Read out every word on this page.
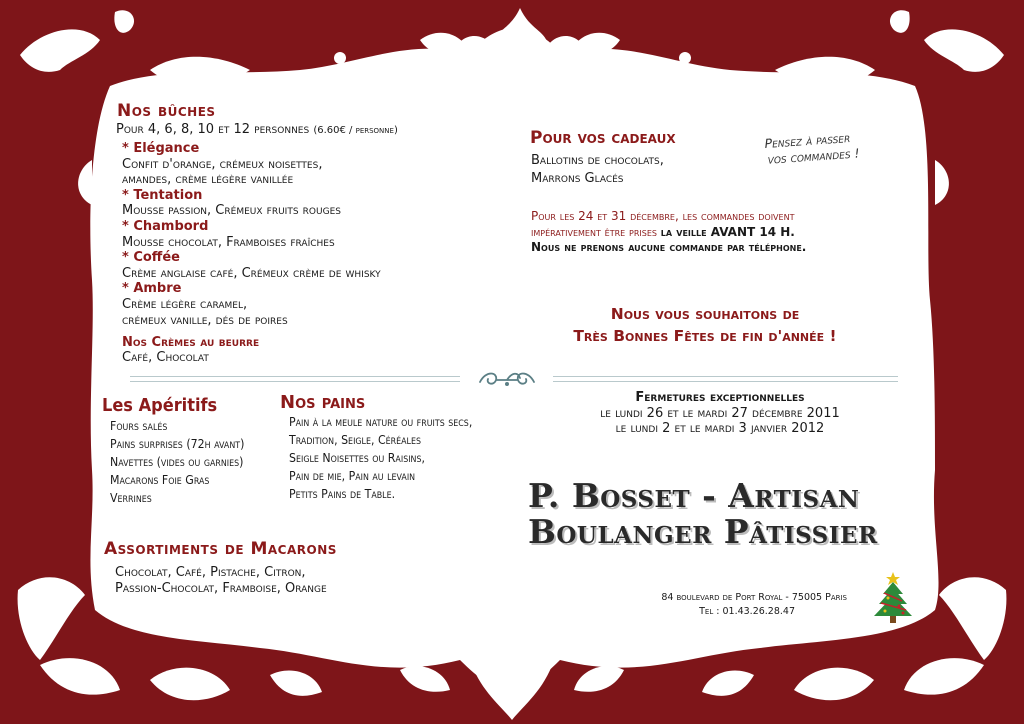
Nos bûches
Pour 4, 6, 8, 10 et 12 personnes (6.60€ / personne)
* Elégance
Confit d'orange, crémeux noisettes,
amandes, crème légère vanillée
* Tentation
Mousse passion, Crémeux fruits rouges
* Chambord
Mousse chocolat, Framboises fraîches
* Coffée
Crème anglaise café, Crémeux crème de whisky
* Ambre
Crème légère caramel,
crémeux vanille, dés de poires
Nos Crèmes au beurre
Café, Chocolat
Les Apéritifs
Fours salés
Pains surprises (72h avant)
Navettes (vides ou garnies)
Macarons Foie Gras
Verrines
Nos pains
Pain à la meule nature ou fruits secs,
Tradition, Seigle, Céréales
Seigle Noisettes ou Raisins,
Pain de mie, Pain au levain
Petits Pains de Table.
Assortiments de Macarons
Chocolat, Café, Pistache, Citron,
Passion-Chocolat, Framboise, Orange
Pour vos cadeaux
Ballotins de chocolats,
Marrons Glacés
Pensez à passer
vos commandes !
Pour les 24 et 31 décembre, les commandes doivent
impérativement être prises la veille AVANT 14 H.
Nous ne prenons aucune commande par téléphone.
Nous vous souhaitons de
Très Bonnes Fêtes de fin d'année !
Fermetures exceptionnelles
le lundi 26 et le mardi 27 décembre 2011
le lundi 2 et le mardi 3 janvier 2012
P. Bosset - Artisan
Boulanger Pâtissier
84 boulevard de Port Royal - 75005 Paris
Tel : 01.43.26.28.47
